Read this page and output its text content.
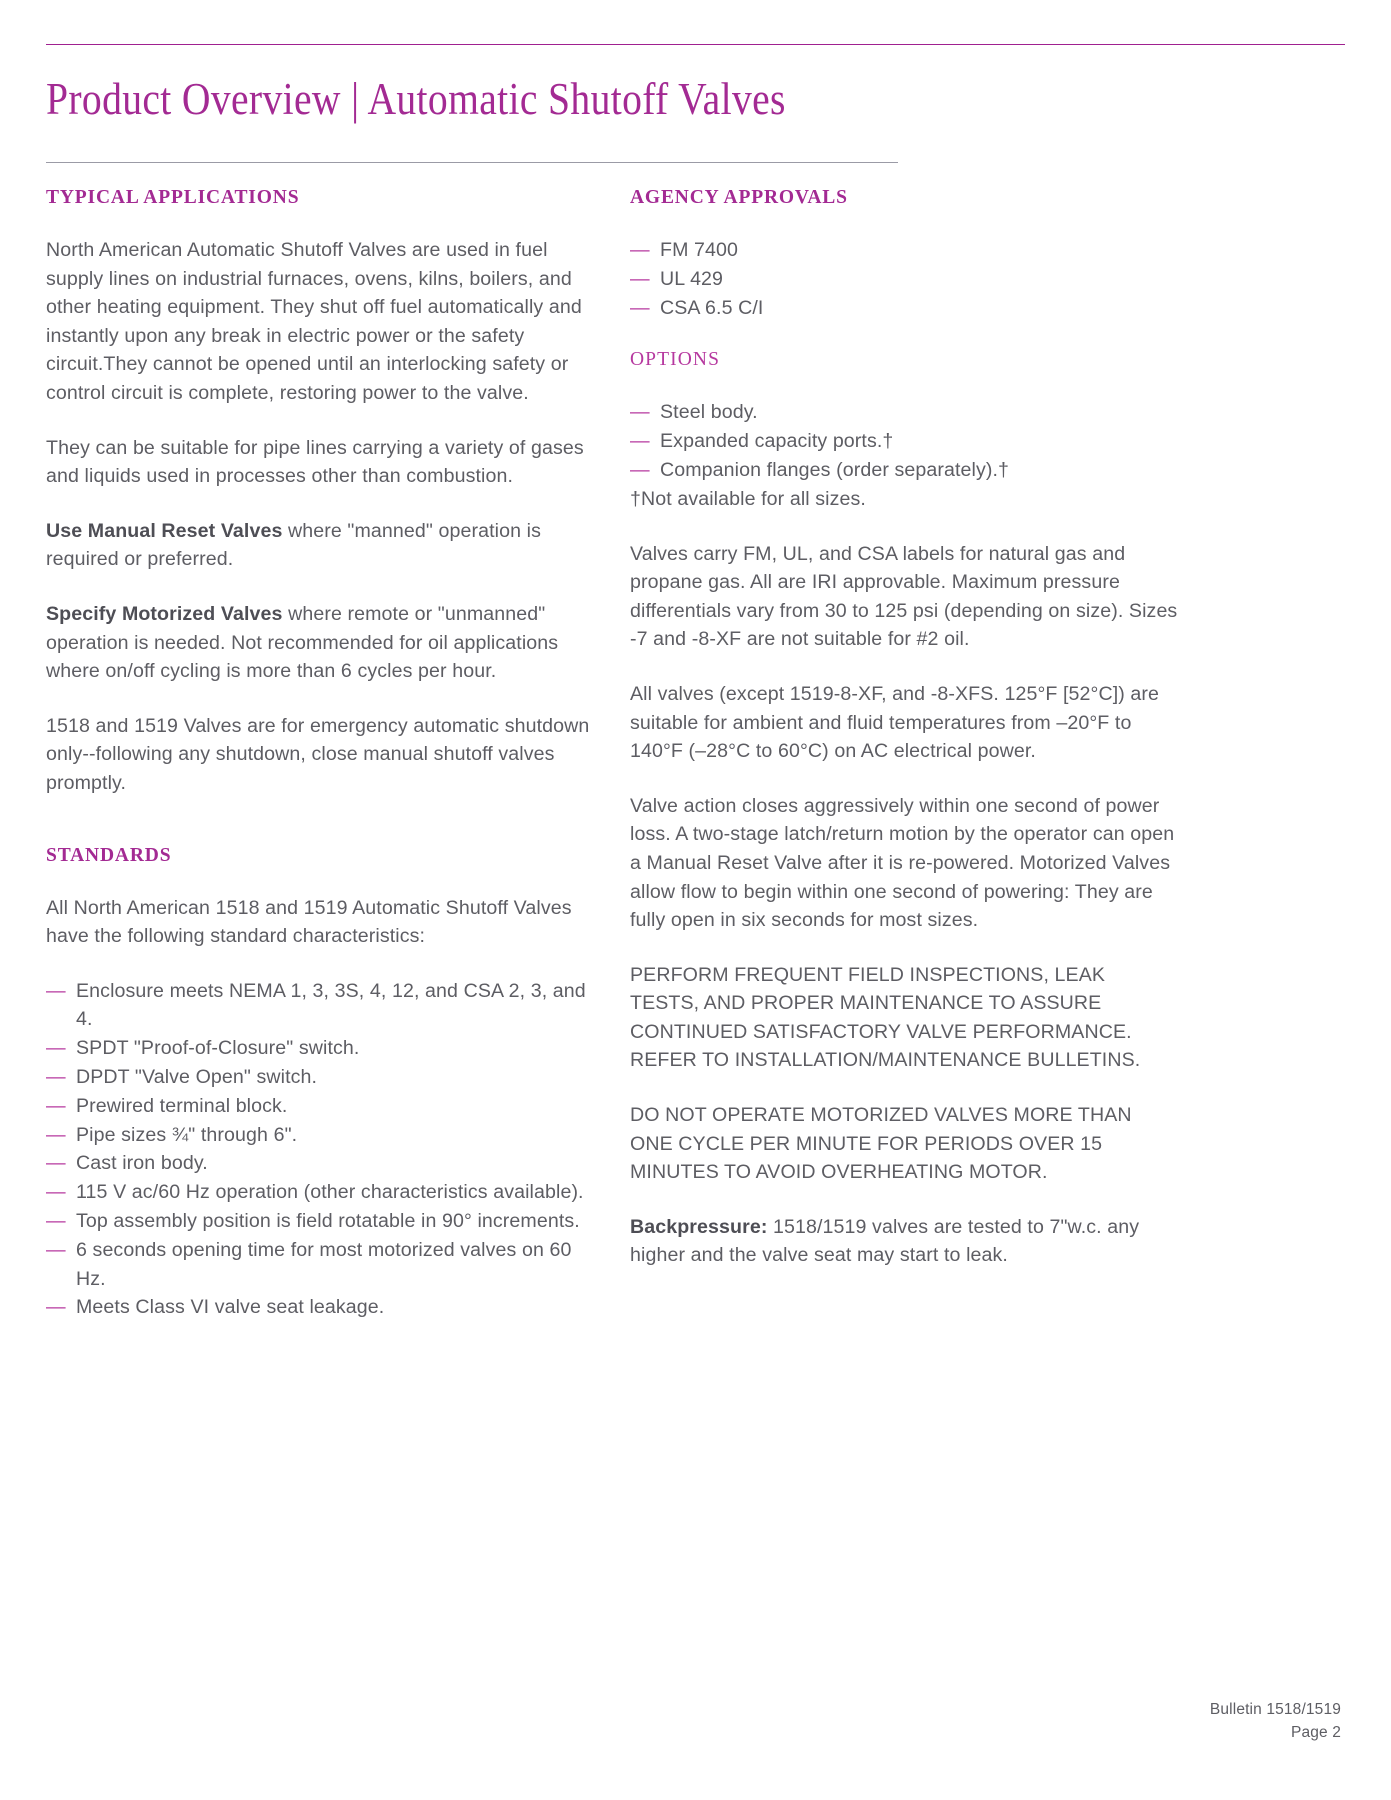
Product Overview | Automatic Shutoff Valves
TYPICAL APPLICATIONS

North American Automatic Shutoff Valves are used in fuel supply lines on industrial furnaces, ovens, kilns, boilers, and other heating equipment. They shut off fuel automatically and instantly upon any break in electric power or the safety circuit.They cannot be opened until an interlocking safety or control circuit is complete, restoring power to the valve.

They can be suitable for pipe lines carrying a variety of gases and liquids used in processes other than combustion.

Use Manual Reset Valves where "manned" operation is required or preferred.

Specify Motorized Valves where remote or "unmanned" operation is needed. Not recommended for oil applications where on/off cycling is more than 6 cycles per hour.

1518 and 1519 Valves are for emergency automatic shutdown only--following any shutdown, close manual shutoff valves promptly.

STANDARDS

All North American 1518 and 1519 Automatic Shutoff Valves have the following standard characteristics:

— Enclosure meets NEMA 1, 3, 3S, 4, 12, and CSA 2, 3, and 4.
— SPDT "Proof-of-Closure" switch.
— DPDT "Valve Open" switch.
— Prewired terminal block.
— Pipe sizes ¾" through 6".
— Cast iron body.
— 115 V ac/60 Hz operation (other characteristics available).
— Top assembly position is field rotatable in 90° increments.
— 6 seconds opening time for most motorized valves on 60 Hz.
— Meets Class VI valve seat leakage.
AGENCY APPROVALS
— FM 7400
— UL 429
— CSA 6.5 C/I
OPTIONS
— Steel body.
— Expanded capacity ports.†
— Companion flanges (order separately).†

†Not available for all sizes.

Valves carry FM, UL, and CSA labels for natural gas and propane gas. All are IRI approvable. Maximum pressure differentials vary from 30 to 125 psi (depending on size). Sizes -7 and -8-XF are not suitable for #2 oil.

All valves (except 1519-8-XF, and -8-XFS. 125°F [52°C]) are suitable for ambient and fluid temperatures from –20°F to 140°F (–28°C to 60°C) on AC electrical power.

Valve action closes aggressively within one second of power loss. A two-stage latch/return motion by the operator can open a Manual Reset Valve after it is re-powered. Motorized Valves allow flow to begin within one second of powering: They are fully open in six seconds for most sizes.

PERFORM FREQUENT FIELD INSPECTIONS, LEAK TESTS, AND PROPER MAINTENANCE TO ASSURE CONTINUED SATISFACTORY VALVE PERFORMANCE. REFER TO INSTALLATION/MAINTENANCE BULLETINS.

DO NOT OPERATE MOTORIZED VALVES MORE THAN ONE CYCLE PER MINUTE FOR PERIODS OVER 15 MINUTES TO AVOID OVERHEATING MOTOR.

Backpressure: 1518/1519 valves are tested to 7"w.c. any higher and the valve seat may start to leak.

Bulletin 1518/1519
Page 2
